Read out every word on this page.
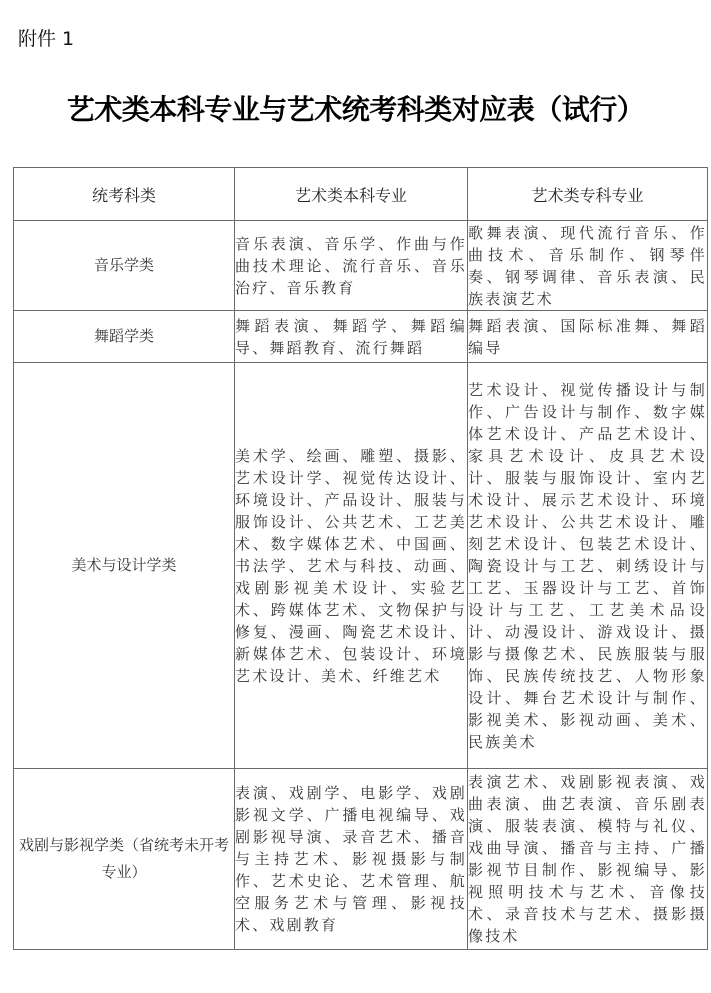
附件 1
艺术类本科专业与艺术统考科类对应表（试行）
统考科类	艺术类本科专业	艺术类专科专业
音乐学类	音乐表演、音乐学、作曲与作曲技术理论、流行音乐、音乐治疗、音乐教育	歌舞表演、现代流行音乐、作曲技术、音乐制作、钢琴伴奏、钢琴调律、音乐表演、民族表演艺术
舞蹈学类	舞蹈表演、舞蹈学、舞蹈编导、舞蹈教育、流行舞蹈	舞蹈表演、国际标准舞、舞蹈编导
美术与设计学类	美术学、绘画、雕塑、摄影、艺术设计学、视觉传达设计、环境设计、产品设计、服装与服饰设计、公共艺术、工艺美术、数字媒体艺术、中国画、书法学、艺术与科技、动画、戏剧影视美术设计、实验艺术、跨媒体艺术、文物保护与修复、漫画、陶瓷艺术设计、新媒体艺术、包装设计、环境艺术设计、美术、纤维艺术	艺术设计、视觉传播设计与制作、广告设计与制作、数字媒体艺术设计、产品艺术设计、家具艺术设计、皮具艺术设计、服装与服饰设计、室内艺术设计、展示艺术设计、环境艺术设计、公共艺术设计、雕刻艺术设计、包装艺术设计、陶瓷设计与工艺、刺绣设计与工艺、玉器设计与工艺、首饰设计与工艺、工艺美术品设计、动漫设计、游戏设计、摄影与摄像艺术、民族服装与服饰、民族传统技艺、人物形象设计、舞台艺术设计与制作、影视美术、影视动画、美术、民族美术
戏剧与影视学类（省统考未开考专业）	表演、戏剧学、电影学、戏剧影视文学、广播电视编导、戏剧影视导演、录音艺术、播音与主持艺术、影视摄影与制作、艺术史论、艺术管理、航空服务艺术与管理、影视技术、戏剧教育	表演艺术、戏剧影视表演、戏曲表演、曲艺表演、音乐剧表演、服装表演、模特与礼仪、戏曲导演、播音与主持、广播影视节目制作、影视编导、影视照明技术与艺术、音像技术、录音技术与艺术、摄影摄像技术
